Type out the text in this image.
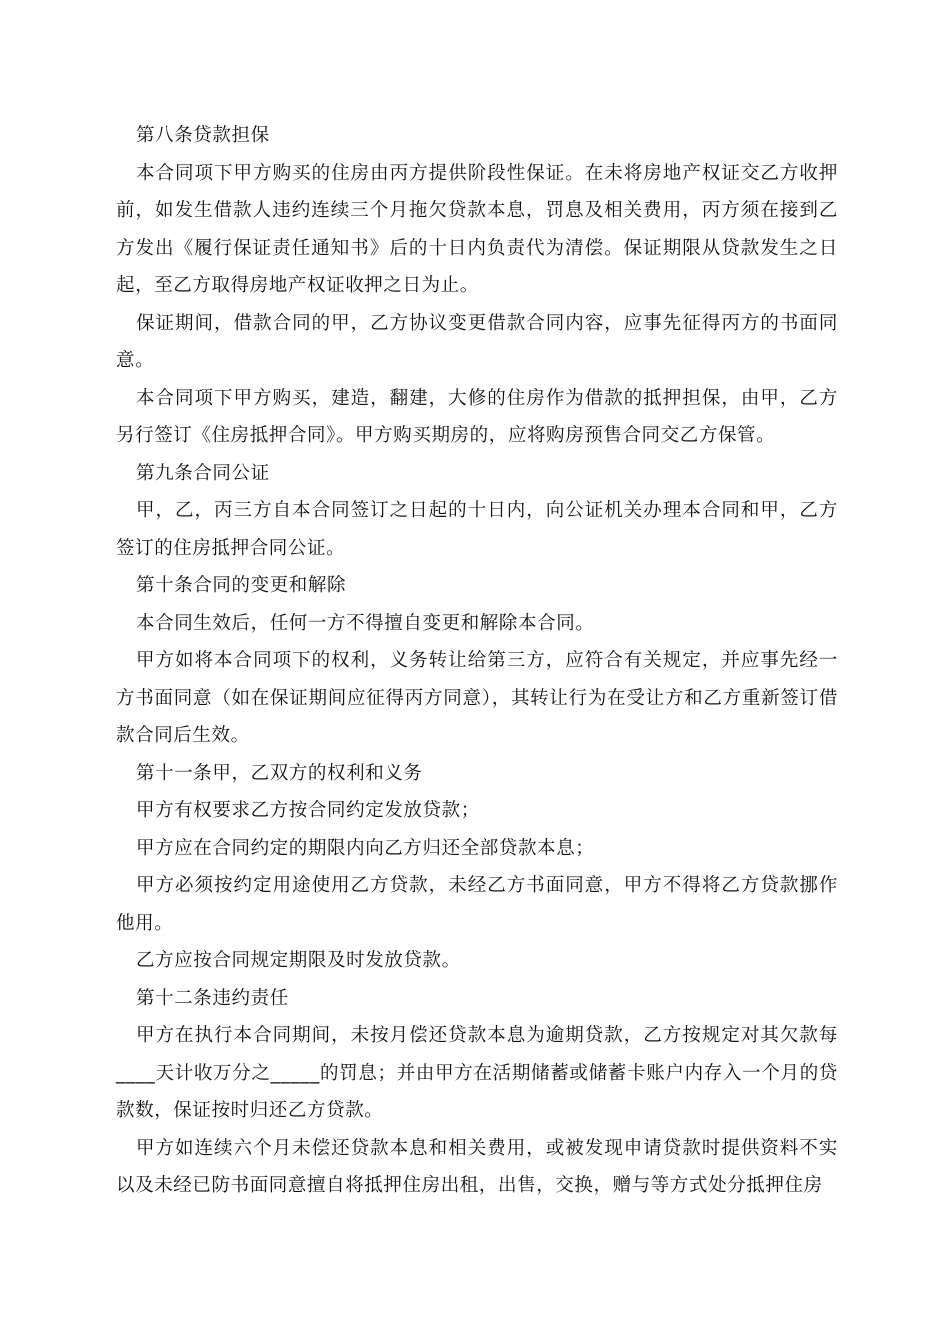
第八条贷款担保

本合同项下甲方购买的住房由丙方提供阶段性保证。在未将房地产权证交乙方收押前，如发生借款人违约连续三个月拖欠贷款本息，罚息及相关费用，丙方须在接到乙方发出《履行保证责任通知书》后的十日内负责代为清偿。保证期限从贷款发生之日起，至乙方取得房地产权证收押之日为止。

保证期间，借款合同的甲，乙方协议变更借款合同内容，应事先征得丙方的书面同意。

本合同项下甲方购买，建造，翻建，大修的住房作为借款的抵押担保，由甲，乙方另行签订《住房抵押合同》。甲方购买期房的，应将购房预售合同交乙方保管。

第九条合同公证

甲，乙，丙三方自本合同签订之日起的十日内，向公证机关办理本合同和甲，乙方签订的住房抵押合同公证。

第十条合同的变更和解除

本合同生效后，任何一方不得擅自变更和解除本合同。

甲方如将本合同项下的权利，义务转让给第三方，应符合有关规定，并应事先经一方书面同意（如在保证期间应征得丙方同意），其转让行为在受让方和乙方重新签订借款合同后生效。

第十一条甲，乙双方的权利和义务

甲方有权要求乙方按合同约定发放贷款；

甲方应在合同约定的期限内向乙方归还全部贷款本息；

甲方必须按约定用途使用乙方贷款，未经乙方书面同意，甲方不得将乙方贷款挪作他用。

乙方应按合同规定期限及时发放贷款。

第十二条违约责任

甲方在执行本合同期间，未按月偿还贷款本息为逾期贷款，乙方按规定对其欠款每____天计收万分之_____的罚息；并由甲方在活期储蓄或储蓄卡账户内存入一个月的贷款数，保证按时归还乙方贷款。

甲方如连续六个月未偿还贷款本息和相关费用，或被发现申请贷款时提供资料不实以及未经已防书面同意擅自将抵押住房出租，出售，交换，赠与等方式处分抵押住房
